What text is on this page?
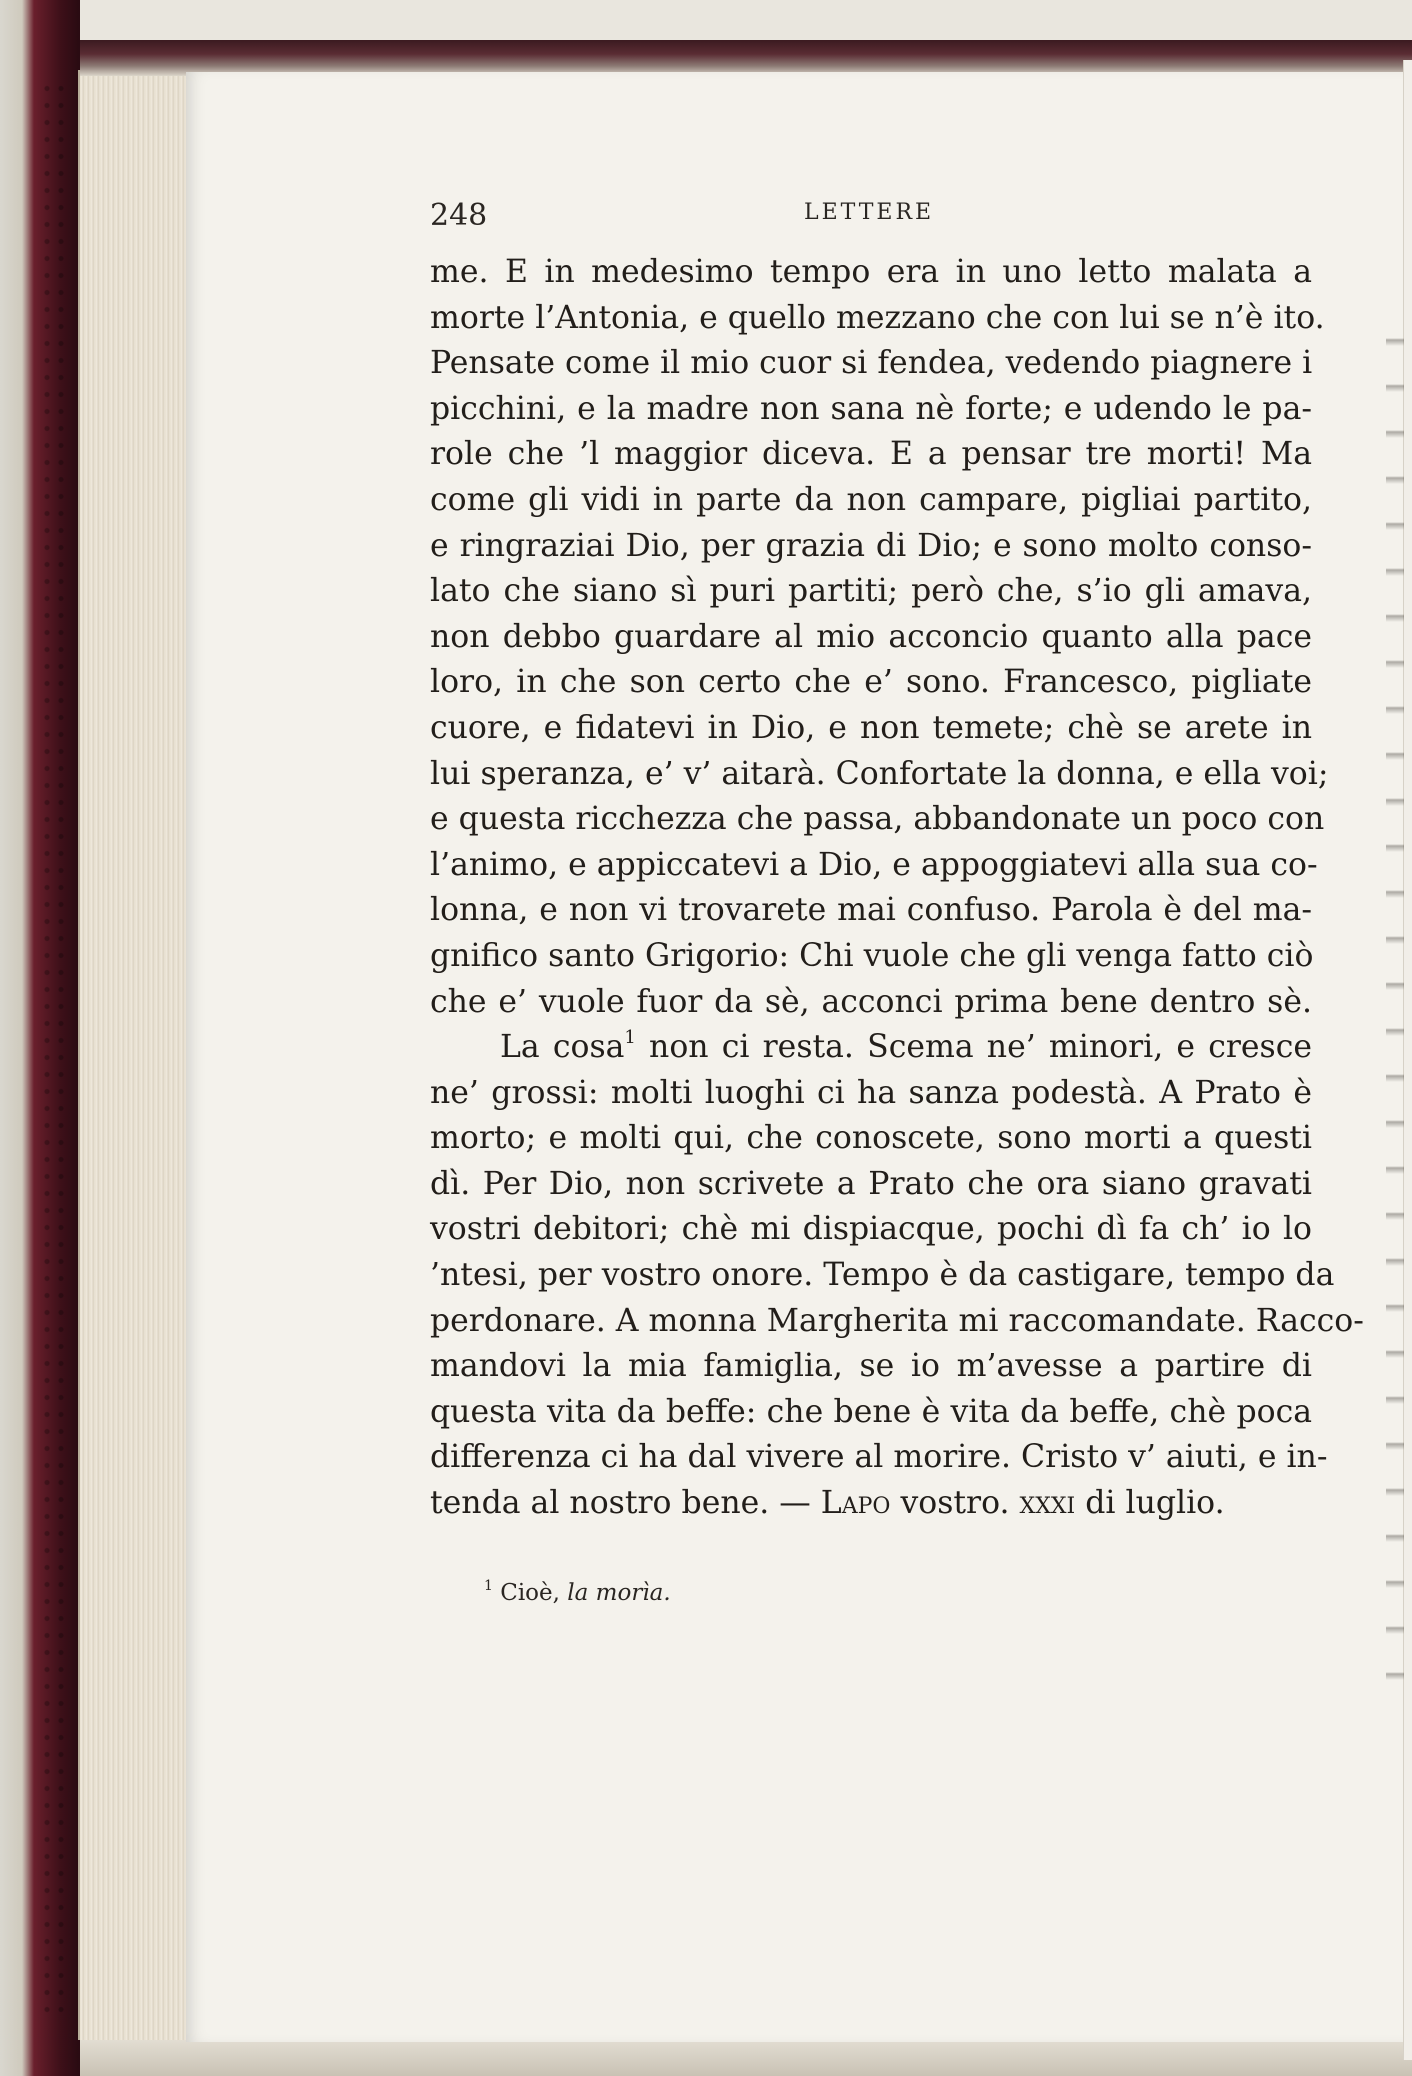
248	LETTERE
me. E in medesimo tempo era in uno letto malata a
morte l’Antonia, e quello mezzano che con lui se n’è ito.
Pensate come il mio cuor si fendea, vedendo piagnere i
picchini, e la madre non sana nè forte; e udendo le pa-
role che ’l maggior diceva. E a pensar tre morti! Ma
come gli vidi in parte da non campare, pigliai partito,
e ringraziai Dio, per grazia di Dio; e sono molto conso-
lato che siano sì puri partiti; però che, s’io gli amava,
non debbo guardare al mio acconcio quanto alla pace
loro, in che son certo che e’ sono. Francesco, pigliate
cuore, e fidatevi in Dio, e non temete; chè se arete in
lui speranza, e’ v’ aitarà. Confortate la donna, e ella voi;
e questa ricchezza che passa, abbandonate un poco con
l’animo, e appiccatevi a Dio, e appoggiatevi alla sua co-
lonna, e non vi trovarete mai confuso. Parola è del ma-
gnifico santo Grigorio: Chi vuole che gli venga fatto ciò
che e’ vuole fuor da sè, acconci prima bene dentro sè.
La cosa$^1$ non ci resta. Scema ne’ minori, e cresce
ne’ grossi: molti luoghi ci ha sanza podestà. A Prato è
morto; e molti qui, che conoscete, sono morti a questi
dì. Per Dio, non scrivete a Prato che ora siano gravati
vostri debitori; chè mi dispiacque, pochi dì fa ch’ io lo
’ntesi, per vostro onore. Tempo è da castigare, tempo da
perdonare. A monna Margherita mi raccomandate. Racco-
mandovi la mia famiglia, se io m’avesse a partire di
questa vita da beffe: che bene è vita da beffe, chè poca
differenza ci ha dal vivere al morire. Cristo v’ aiuti, e in-
tenda al nostro bene. — Lapo vostro. xxxi di luglio.
$^1$ Cioè, la morìa.
